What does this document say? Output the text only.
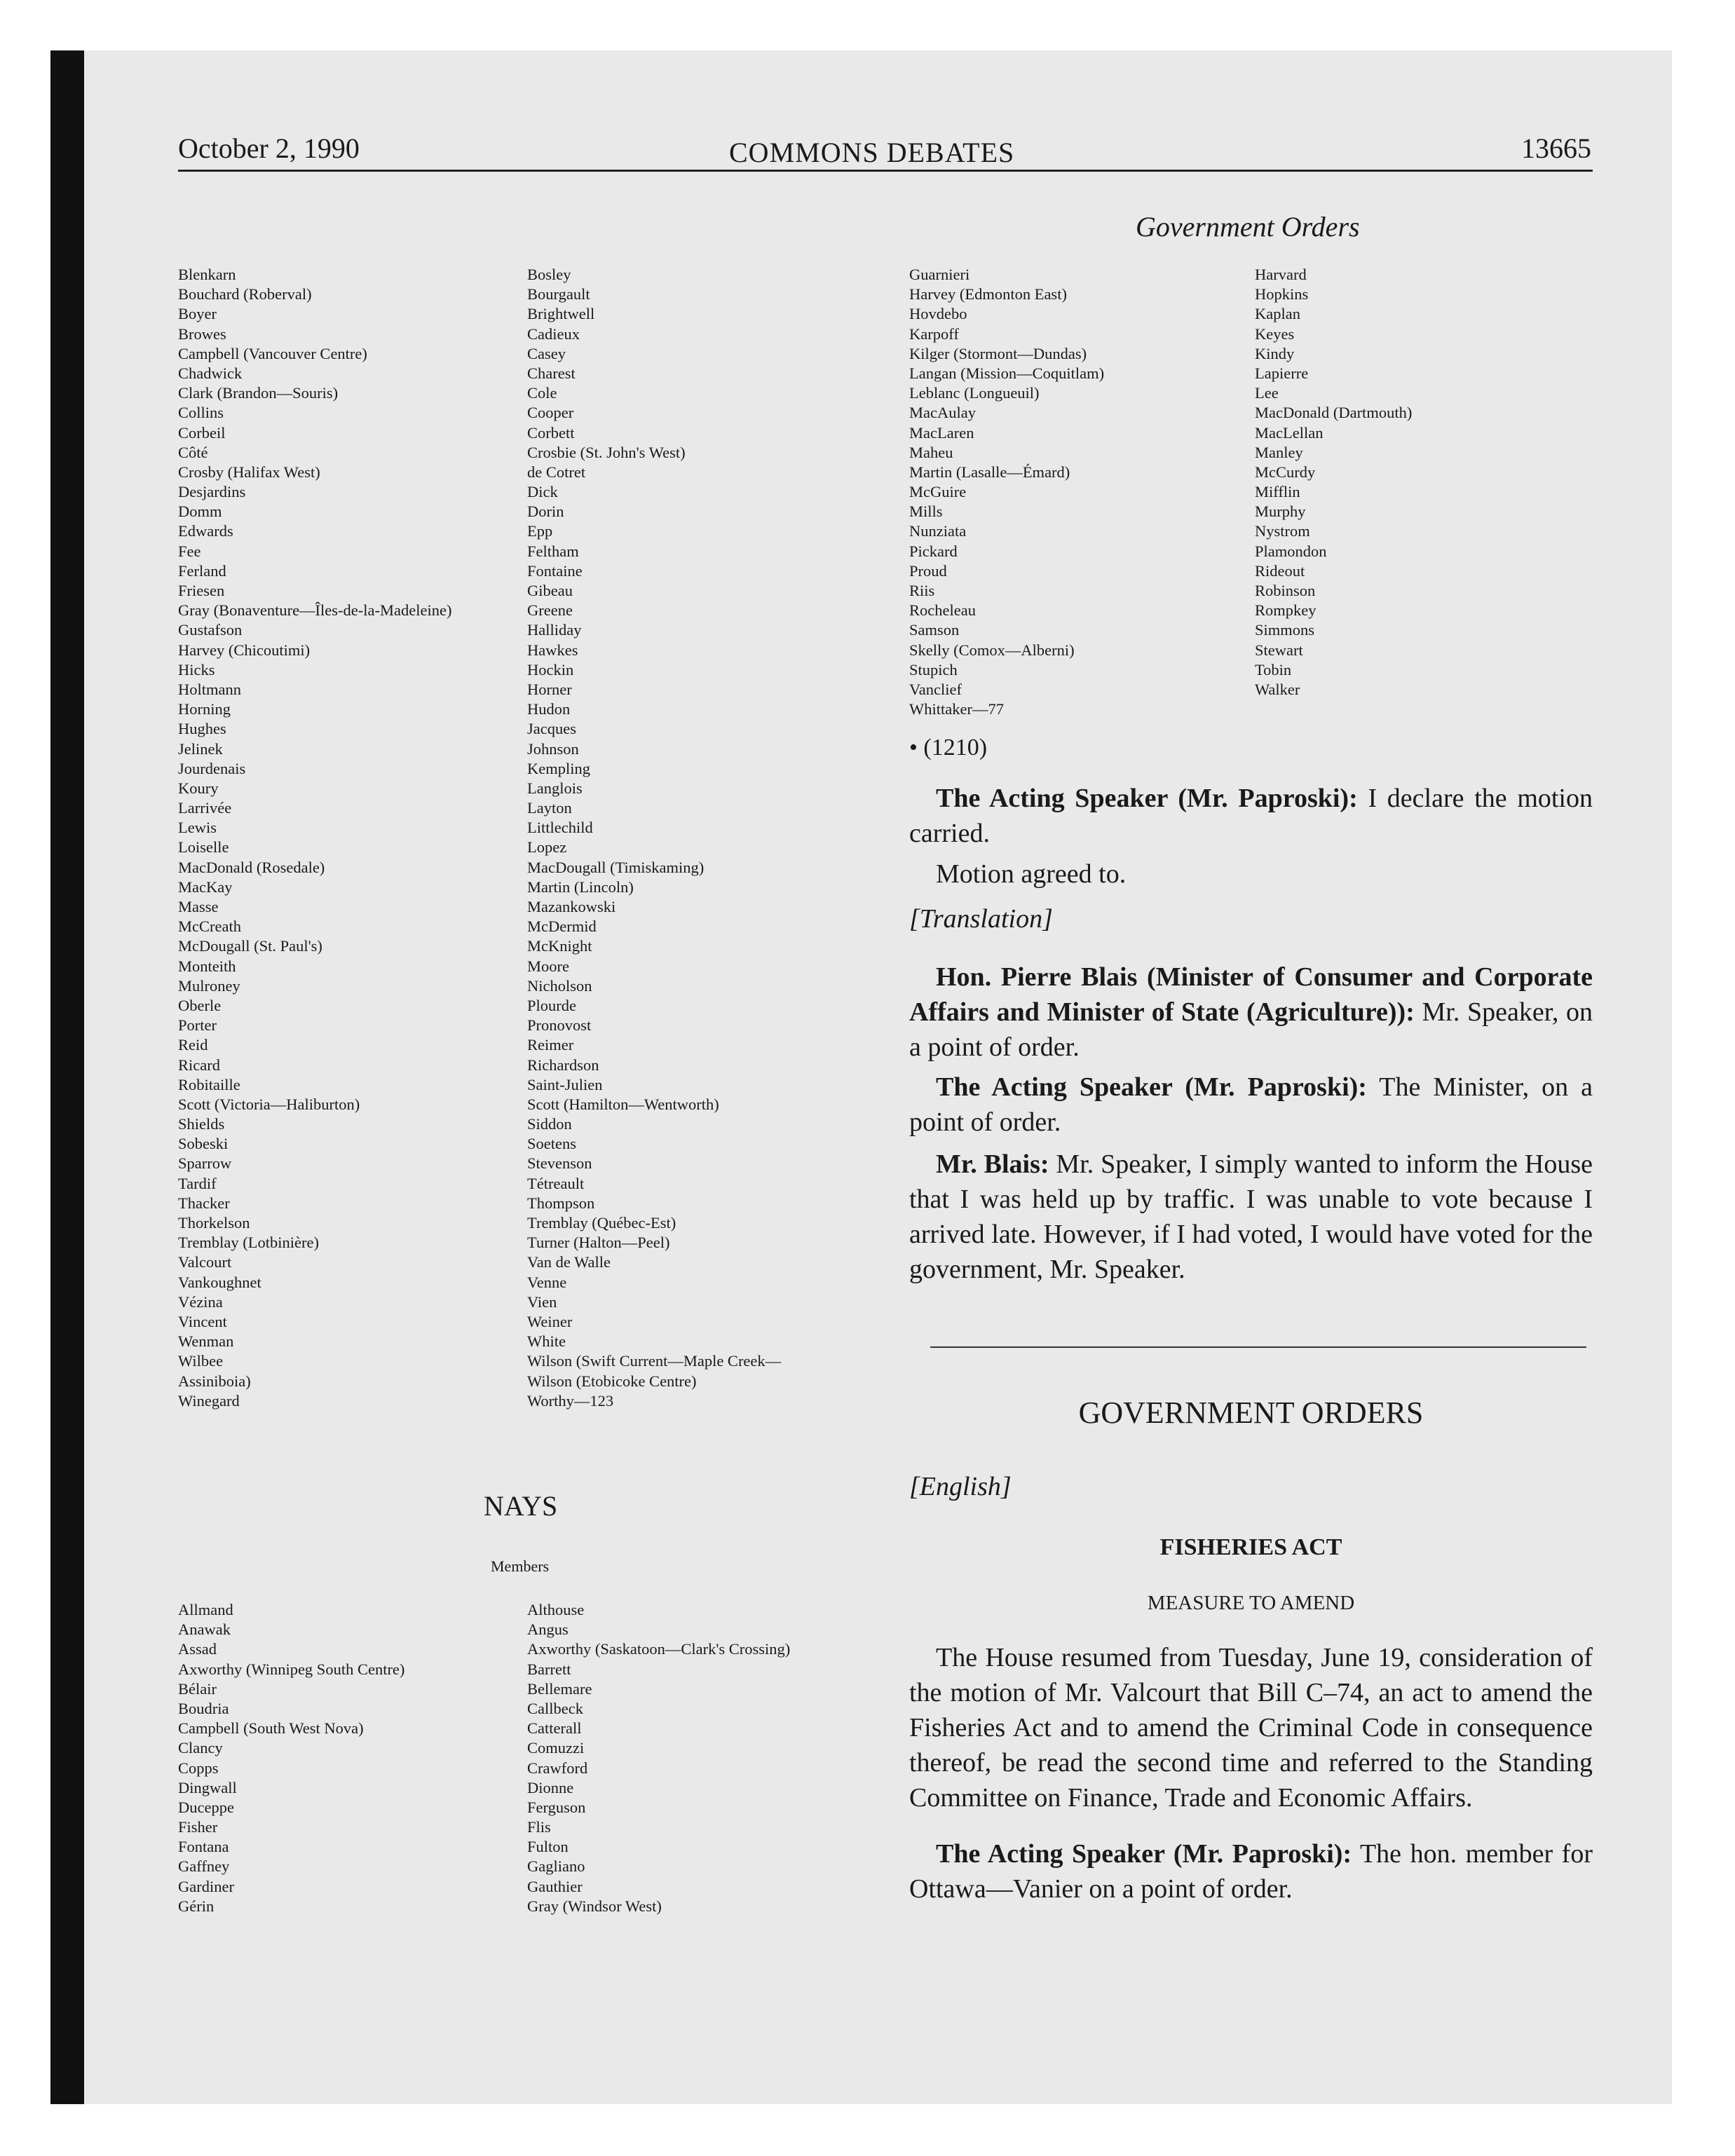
October 2, 1990	COMMONS DEBATES	13665
Government Orders
Blenkarn
Bouchard (Roberval)
Boyer
Browes
Campbell (Vancouver Centre)
Chadwick
Clark (Brandon—Souris)
Collins
Corbeil
Côté
Crosby (Halifax West)
Desjardins
Domm
Edwards
Fee
Ferland
Friesen
Gray (Bonaventure—Îles-de-la-Madeleine)
Gustafson
Harvey (Chicoutimi)
Hicks
Holtmann
Horning
Hughes
Jelinek
Jourdenais
Koury
Larrivée
Lewis
Loiselle
MacDonald (Rosedale)
MacKay
Masse
McCreath
McDougall (St. Paul's)
Monteith
Mulroney
Oberle
Porter
Reid
Ricard
Robitaille
Scott (Victoria—Haliburton)
Shields
Sobeski
Sparrow
Tardif
Thacker
Thorkelson
Tremblay (Lotbinière)
Valcourt
Vankoughnet
Vézina
Vincent
Wenman
Wilbee
Assiniboia)
Winegard
Bosley
Bourgault
Brightwell
Cadieux
Casey
Charest
Cole
Cooper
Corbett
Crosbie (St. John's West)
de Cotret
Dick
Dorin
Epp
Feltham
Fontaine
Gibeau
Greene
Halliday
Hawkes
Hockin
Horner
Hudon
Jacques
Johnson
Kempling
Langlois
Layton
Littlechild
Lopez
MacDougall (Timiskaming)
Martin (Lincoln)
Mazankowski
McDermid
McKnight
Moore
Nicholson
Plourde
Pronovost
Reimer
Richardson
Saint-Julien
Scott (Hamilton—Wentworth)
Siddon
Soetens
Stevenson
Tétreault
Thompson
Tremblay (Québec-Est)
Turner (Halton—Peel)
Van de Walle
Venne
Vien
Weiner
White
Wilson (Swift Current—Maple Creek—
Wilson (Etobicoke Centre)
Worthy—123
Guarnieri
Harvey (Edmonton East)
Hovdebo
Karpoff
Kilger (Stormont—Dundas)
Langan (Mission—Coquitlam)
Leblanc (Longueuil)
MacAulay
MacLaren
Maheu
Martin (Lasalle—Émard)
McGuire
Mills
Nunziata
Pickard
Proud
Riis
Rocheleau
Samson
Skelly (Comox—Alberni)
Stupich
Vanclief
Whittaker—77
Harvard
Hopkins
Kaplan
Keyes
Kindy
Lapierre
Lee
MacDonald (Dartmouth)
MacLellan
Manley
McCurdy
Mifflin
Murphy
Nystrom
Plamondon
Rideout
Robinson
Rompkey
Simmons
Stewart
Tobin
Walker
NAYS
Members
Allmand
Anawak
Assad
Axworthy (Winnipeg South Centre)
Bélair
Boudria
Campbell (South West Nova)
Clancy
Copps
Dingwall
Duceppe
Fisher
Fontana
Gaffney
Gardiner
Gérin
Althouse
Angus
Axworthy (Saskatoon—Clark's Crossing)
Barrett
Bellemare
Callbeck
Catterall
Comuzzi
Crawford
Dionne
Ferguson
Flis
Fulton
Gagliano
Gauthier
Gray (Windsor West)
• (1210)
The Acting Speaker (Mr. Paproski): I declare the motion carried.
Motion agreed to.
[Translation]
Hon. Pierre Blais (Minister of Consumer and Corporate Affairs and Minister of State (Agriculture)): Mr. Speaker, on a point of order.
The Acting Speaker (Mr. Paproski): The Minister, on a point of order.
Mr. Blais: Mr. Speaker, I simply wanted to inform the House that I was held up by traffic. I was unable to vote because I arrived late. However, if I had voted, I would have voted for the government, Mr. Speaker.
GOVERNMENT ORDERS
[English]
FISHERIES ACT
MEASURE TO AMEND
The House resumed from Tuesday, June 19, consideration of the motion of Mr. Valcourt that Bill C–74, an act to amend the Fisheries Act and to amend the Criminal Code in consequence thereof, be read the second time and referred to the Standing Committee on Finance, Trade and Economic Affairs.
The Acting Speaker (Mr. Paproski): The hon. member for Ottawa—Vanier on a point of order.
